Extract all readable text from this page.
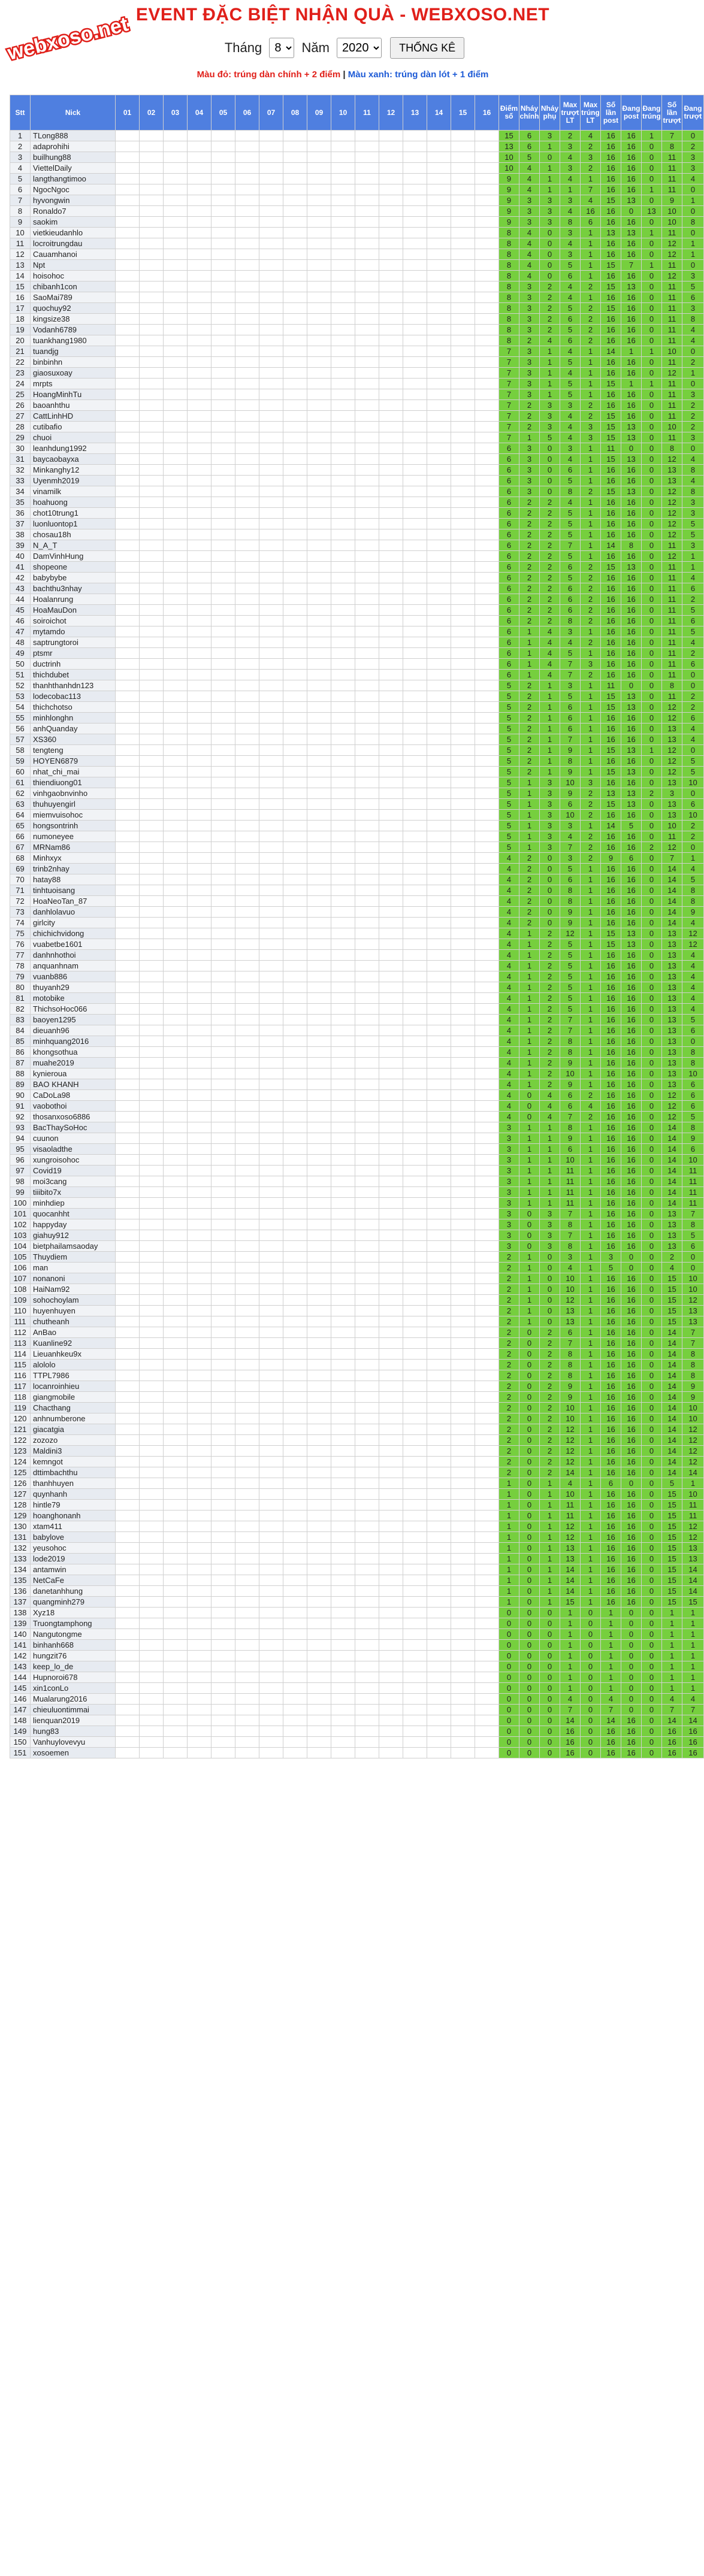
webxoso.net EVENT ĐẶC BIỆT NHẬN QUÀ - WEBXOSO.NET
Tháng
8	Năm
2020	THỐNG KÊ
Màu đỏ: trúng dàn chính + 2 điểm | Màu xanh: trúng dàn lót + 1 điểm
Stt	Nick	01	02	03	04	05	06	07	08	09	10	11	12	13	14	15	16	Điểm số	Nháy chính	Nháy phụ	Max trượt LT	Max trúng LT	Số lần post	Đang post	Đang trúng	Số lần trượt	Đang trượt
1	TLong888																	15	6	3	2	4	16	16	1	7	0
2	adaprohihi																	13	6	1	3	2	16	16	0	8	2
3	builhung88																	10	5	0	4	3	16	16	0	11	3
4	ViettelDaily																	10	4	1	3	2	16	16	0	11	3
5	langthangtimoo																	9	4	1	4	1	16	16	0	11	4
6	NgocNgoc																	9	4	1	1	7	16	16	1	11	0
7	hyvongwin																	9	3	3	3	4	15	13	0	9	1
8	Ronaldo7																	9	3	3	4	16	16	0	13	10	0
9	saokim																	9	3	3	8	6	16	16	0	10	8
10	vietkieudanhlo																	8	4	0	3	1	13	13	1	11	0
11	locroitrungdau																	8	4	0	4	1	16	16	0	12	1
12	Cauamhanoi																	8	4	0	3	1	16	16	0	12	1
13	Npt																	8	4	0	5	1	15	7	1	11	0
14	hoisohoc																	8	4	0	6	1	16	16	0	12	3
15	chibanh1con																	8	3	2	4	2	15	13	0	11	5
16	SaoMai789																	8	3	2	4	1	16	16	0	11	6
17	quochuy92																	8	3	2	5	2	15	16	0	11	3
18	kingsize38																	8	3	2	6	2	16	16	0	11	8
19	Vodanh6789																	8	3	2	5	2	16	16	0	11	4
20	tuankhang1980																	8	2	4	6	2	16	16	0	11	4
21	tuandjg																	7	3	1	4	1	14	1	1	10	0
22	binbinhn																	7	3	1	5	1	16	16	0	11	2
23	giaosuxoay																	7	3	1	4	1	16	16	0	12	1
24	mrpts																	7	3	1	5	1	15	1	1	11	0
25	HoangMinhTu																	7	3	1	5	1	16	16	0	11	3
26	baoanhthu																	7	2	3	3	2	16	16	0	11	2
27	CattLinhHD																	7	2	3	4	2	15	16	0	11	2
28	cutibafio																	7	2	3	4	3	15	13	0	10	2
29	chuoi																	7	1	5	4	3	15	13	0	11	3
30	leanhdung1992																	6	3	0	3	1	11	0	0	8	0
31	baycaobayxa																	6	3	0	4	1	15	13	0	12	4
32	Minkanghy12																	6	3	0	6	1	16	16	0	13	8
33	Uyenmh2019																	6	3	0	5	1	16	16	0	13	4
34	vinamilk																	6	3	0	8	2	15	13	0	12	8
35	hoahuong																	6	2	2	4	1	16	16	0	12	3
36	chot10trung1																	6	2	2	5	1	16	16	0	12	3
37	luonluontop1																	6	2	2	5	1	16	16	0	12	5
38	chosau18h																	6	2	2	5	1	16	16	0	12	5
39	N_A_T																	6	2	2	7	1	14	8	0	11	3
40	DamVinhHung																	6	2	2	5	1	16	16	0	12	1
41	shopeone																	6	2	2	6	2	15	13	0	11	1
42	babybybe																	6	2	2	5	2	16	16	0	11	4
43	bachthu3nhay																	6	2	2	6	2	16	16	0	11	6
44	Hoalanrung																	6	2	2	6	2	16	16	0	11	2
45	HoaMauDon																	6	2	2	6	2	16	16	0	11	5
46	soiroichot																	6	2	2	8	2	16	16	0	11	6
47	mytamdo																	6	1	4	3	1	16	16	0	11	5
48	saptrungtoroi																	6	1	4	4	2	16	16	0	11	4
49	ptsmr																	6	1	4	5	1	16	16	0	11	2
50	ductrinh																	6	1	4	7	3	16	16	0	11	6
51	thichdubet																	6	1	4	7	2	16	16	0	11	0
52	thanhthanhdn123																	5	2	1	3	1	11	0	0	8	0
53	lodecobac113																	5	2	1	5	1	15	13	0	11	2
54	thichchotso																	5	2	1	6	1	15	13	0	12	2
55	minhlonghn																	5	2	1	6	1	16	16	0	12	6
56	anhQuanday																	5	2	1	6	1	16	16	0	13	4
57	XS360																	5	2	1	7	1	16	16	0	13	4
58	tengteng																	5	2	1	9	1	15	13	1	12	0
59	HOYEN6879																	5	2	1	8	1	16	16	0	12	5
60	nhat_chi_mai																	5	2	1	9	1	15	13	0	12	5
61	thiendiuong01																	5	1	3	10	3	16	16	0	13	10
62	vinhgaobnvinho																	5	1	3	9	2	13	13	2	3	0
63	thuhuyengirl																	5	1	3	6	2	15	13	0	13	6
64	miemvuisohoc																	5	1	3	10	2	16	16	0	13	10
65	hongsontrinh																	5	1	3	3	1	14	5	0	10	2
66	numoneyee																	5	1	3	4	2	16	16	0	11	2
67	MRNam86																	5	1	3	7	2	16	16	2	12	0
68	Minhxyx																	4	2	0	3	2	9	6	0	7	1
69	trinb2nhay																	4	2	0	5	1	16	16	0	14	4
70	hatay88																	4	2	0	6	1	16	16	0	14	5
71	tinhtuoisang																	4	2	0	8	1	16	16	0	14	8
72	HoaNeoTan_87																	4	2	0	8	1	16	16	0	14	8
73	danhlolavuo																	4	2	0	9	1	16	16	0	14	9
74	girlcity																	4	2	0	9	1	16	16	0	14	4
75	chichichvidong																	4	1	2	12	1	15	13	0	13	12
76	vuabetbe1601																	4	1	2	5	1	15	13	0	13	12
77	danhnhothoi																	4	1	2	5	1	16	16	0	13	4
78	anquanhnam																	4	1	2	5	1	16	16	0	13	4
79	vuanb886																	4	1	2	5	1	16	16	0	13	4
80	thuyanh29																	4	1	2	5	1	16	16	0	13	4
81	motobike																	4	1	2	5	1	16	16	0	13	4
82	ThichsoHoc066																	4	1	2	5	1	16	16	0	13	4
83	baoyen1295																	4	1	2	7	1	16	16	0	13	5
84	dieuanh96																	4	1	2	7	1	16	16	0	13	6
85	minhquang2016																	4	1	2	8	1	16	16	0	13	0
86	khongsothua																	4	1	2	8	1	16	16	0	13	8
87	muahe2019																	4	1	2	9	1	16	16	0	13	8
88	kynieroua																	4	1	2	10	1	16	16	0	13	10
89	BAO KHANH																	4	1	2	9	1	16	16	0	13	6
90	CaDoLa98																	4	0	4	6	2	16	16	0	12	6
91	vaobothoi																	4	0	4	6	4	16	16	0	12	6
92	thosanxoso6886																	4	0	4	7	2	16	16	0	12	5
93	BacThaySoHoc																	3	1	1	8	1	16	16	0	14	8
94	cuunon																	3	1	1	9	1	16	16	0	14	9
95	visaoladthe																	3	1	1	6	1	16	16	0	14	6
96	xungroisohoc																	3	1	1	10	1	16	16	0	14	10
97	Covid19																	3	1	1	11	1	16	16	0	14	11
98	moi3cang																	3	1	1	11	1	16	16	0	14	11
99	tiiibito7x																	3	1	1	11	1	16	16	0	14	11
100	minhdiep																	3	1	1	11	1	16	16	0	14	11
101	quocanhht																	3	0	3	7	1	16	16	0	13	7
102	happyday																	3	0	3	8	1	16	16	0	13	8
103	giahuy912																	3	0	3	7	1	16	16	0	13	5
104	bietphailamsaoday																	3	0	3	8	1	16	16	0	13	6
105	Thuydiem																	2	1	0	3	1	3	0	0	2	0
106	man																	2	1	0	4	1	5	0	0	4	0
107	nonanoni																	2	1	0	10	1	16	16	0	15	10
108	HaiNam92																	2	1	0	10	1	16	16	0	15	10
109	sohochoylam																	2	1	0	12	1	16	16	0	15	12
110	huyenhuyen																	2	1	0	13	1	16	16	0	15	13
111	chutheanh																	2	1	0	13	1	16	16	0	15	13
112	AnBao																	2	0	2	6	1	16	16	0	14	7
113	Kuanline92																	2	0	2	7	1	16	16	0	14	7
114	Lieuanhkeu9x																	2	0	2	8	1	16	16	0	14	8
115	alololo																	2	0	2	8	1	16	16	0	14	8
116	TTPL7986																	2	0	2	8	1	16	16	0	14	8
117	locanroinhieu																	2	0	2	9	1	16	16	0	14	9
118	giangmobile																	2	0	2	9	1	16	16	0	14	9
119	Chacthang																	2	0	2	10	1	16	16	0	14	10
120	anhnumberone																	2	0	2	10	1	16	16	0	14	10
121	giacatgia																	2	0	2	12	1	16	16	0	14	12
122	zozozo																	2	0	2	12	1	16	16	0	14	12
123	Maldini3																	2	0	2	12	1	16	16	0	14	12
124	kemngot																	2	0	2	12	1	16	16	0	14	12
125	dttimbachthu																	2	0	2	14	1	16	16	0	14	14
126	thanhhuyen																	1	0	1	4	1	6	0	0	5	1
127	quynhanh																	1	0	1	10	1	16	16	0	15	10
128	hintle79																	1	0	1	11	1	16	16	0	15	11
129	hoanghonanh																	1	0	1	11	1	16	16	0	15	11
130	xtam411																	1	0	1	12	1	16	16	0	15	12
131	babylove																	1	0	1	12	1	16	16	0	15	12
132	yeusohoc																	1	0	1	13	1	16	16	0	15	13
133	lode2019																	1	0	1	13	1	16	16	0	15	13
134	antamwin																	1	0	1	14	1	16	16	0	15	14
135	NetCaFe																	1	0	1	14	1	16	16	0	15	14
136	danetanhhung																	1	0	1	14	1	16	16	0	15	14
137	quangminh279																	1	0	1	15	1	16	16	0	15	15
138	Xyz18																	0	0	0	1	0	1	0	0	1	1
139	Truongtamphong																	0	0	0	1	0	1	0	0	1	1
140	Nangutongme																	0	0	0	1	0	1	0	0	1	1
141	binhanh668																	0	0	0	1	0	1	0	0	1	1
142	hungzit76																	0	0	0	1	0	1	0	0	1	1
143	keep_lo_de																	0	0	0	1	0	1	0	0	1	1
144	Hupnoroi678																	0	0	0	1	0	1	0	0	1	1
145	xin1conLo																	0	0	0	1	0	1	0	0	1	1
146	Mualarung2016																	0	0	0	4	0	4	0	0	4	4
147	chieuluontimmai																	0	0	0	7	0	7	0	0	7	7
148	lienquan2019																	0	0	0	14	0	14	16	0	14	14
149	hung83																	0	0	0	16	0	16	16	0	16	16
150	Vanhuylovevyu																	0	0	0	16	0	16	16	0	16	16
151	xosoemen																	0	0	0	16	0	16	16	0	16	16
